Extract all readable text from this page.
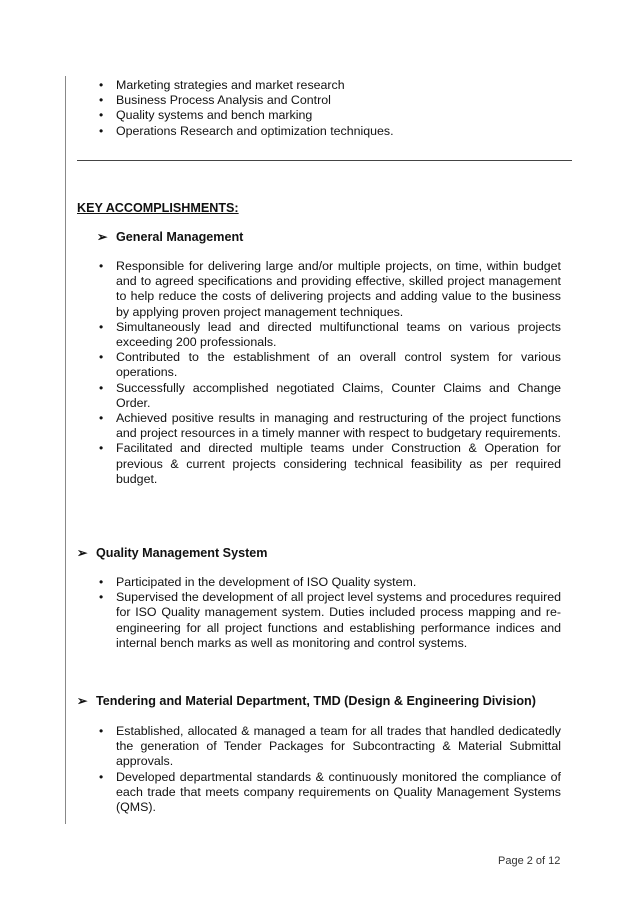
• Marketing strategies and market research
• Business Process Analysis and Control
• Quality systems and bench marking
• Operations Research and optimization techniques.
KEY ACCOMPLISHMENTS:
➢ General Management
• Responsible for delivering large and/or multiple projects, on time, within budget and to agreed specifications and providing effective, skilled project management to help reduce the costs of delivering projects and adding value to the business by applying proven project management techniques.
• Simultaneously lead and directed multifunctional teams on various projects exceeding 200 professionals.
• Contributed to the establishment of an overall control system for various operations.
• Successfully accomplished negotiated Claims, Counter Claims and Change Order.
• Achieved positive results in managing and restructuring of the project functions and project resources in a timely manner with respect to budgetary requirements.
• Facilitated and directed multiple teams under Construction & Operation for previous & current projects considering technical feasibility as per required budget.
➢ Quality Management System
• Participated in the development of ISO Quality system.
• Supervised the development of all project level systems and procedures required for ISO Quality management system. Duties included process mapping and re-engineering for all project functions and establishing performance indices and internal bench marks as well as monitoring and control systems.
➢ Tendering and Material Department, TMD (Design & Engineering Division)
• Established, allocated & managed a team for all trades that handled dedicatedly the generation of Tender Packages for Subcontracting & Material Submittal approvals.
• Developed departmental standards & continuously monitored the compliance of each trade that meets company requirements on Quality Management Systems (QMS).
Page 2 of 12
